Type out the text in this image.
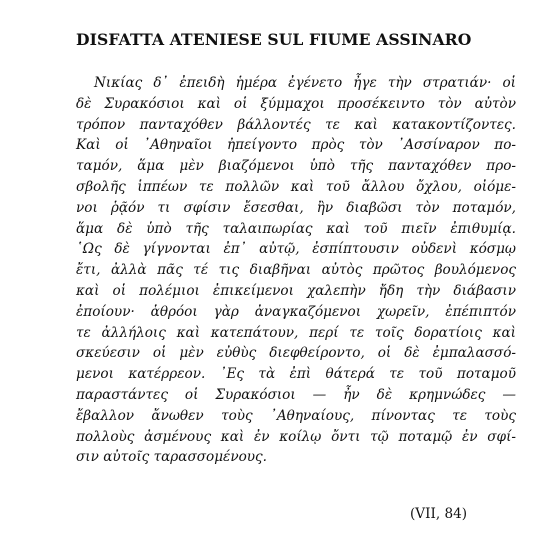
DISFATTA ATENIESE SUL FIUME ASSINARO
Νικίας δ᾽ ἐπειδὴ ἡμέρα ἐγένετο ἦγε τὴν στρατιάν· οἱ
δὲ Συρακόσιοι καὶ οἱ ξύμμαχοι προσέκειντο τὸν αὐτὸν
τρόπον πανταχόθεν βάλλοντές τε καὶ κατακοντίζοντες.
Καὶ οἱ ᾽Αθηναῖοι ἠπείγοντο πρὸς τὸν ᾽Ασσίναρον πο-
ταμόν, ἅμα μὲν βιαζόμενοι ὑπὸ τῆς πανταχόθεν προ-
σβολῆς ἱππέων τε πολλῶν καὶ τοῦ ἄλλου ὄχλου, οἰόμε-
νοι ῥᾷόν τι σφίσιν ἔσεσθαι, ἢν διαβῶσι τὸν ποταμόν,
ἅμα δὲ ὑπὸ τῆς ταλαιπωρίας καὶ τοῦ πιεῖν ἐπιθυμίᾳ.
῾Ως δὲ γίγνονται ἐπ᾽ αὐτῷ, ἐσπίπτουσιν οὐδενὶ κόσμῳ
ἔτι, ἀλλὰ πᾶς τέ τις διαβῆναι αὐτὸς πρῶτος βουλόμενος
καὶ οἱ πολέμιοι ἐπικείμενοι χαλεπὴν ἤδη τὴν διάβασιν
ἐποίουν· ἁθρόοι γὰρ ἀναγκαζόμενοι χωρεῖν, ἐπέπιπτόν
τε ἀλλήλοις καὶ κατεπάτουν, περί τε τοῖς δορατίοις καὶ
σκεύεσιν οἱ μὲν εὐθὺς διεφθείροντο, οἱ δὲ ἐμπαλασσό-
μενοι κατέρρεον. ᾽Ες τὰ ἐπὶ θάτερά τε τοῦ ποταμοῦ
παραστάντες οἱ Συρακόσιοι — ἦν δὲ κρημνώδες —
ἔβαλλον ἄνωθεν τοὺς ᾽Αθηναίους, πίνοντας τε τοὺς
πολλοὺς ἀσμένους καὶ ἐν κοίλῳ ὄντι τῷ ποταμῷ ἐν σφί-
σιν αὐτοῖς ταρασσομένους.
(VII, 84)
